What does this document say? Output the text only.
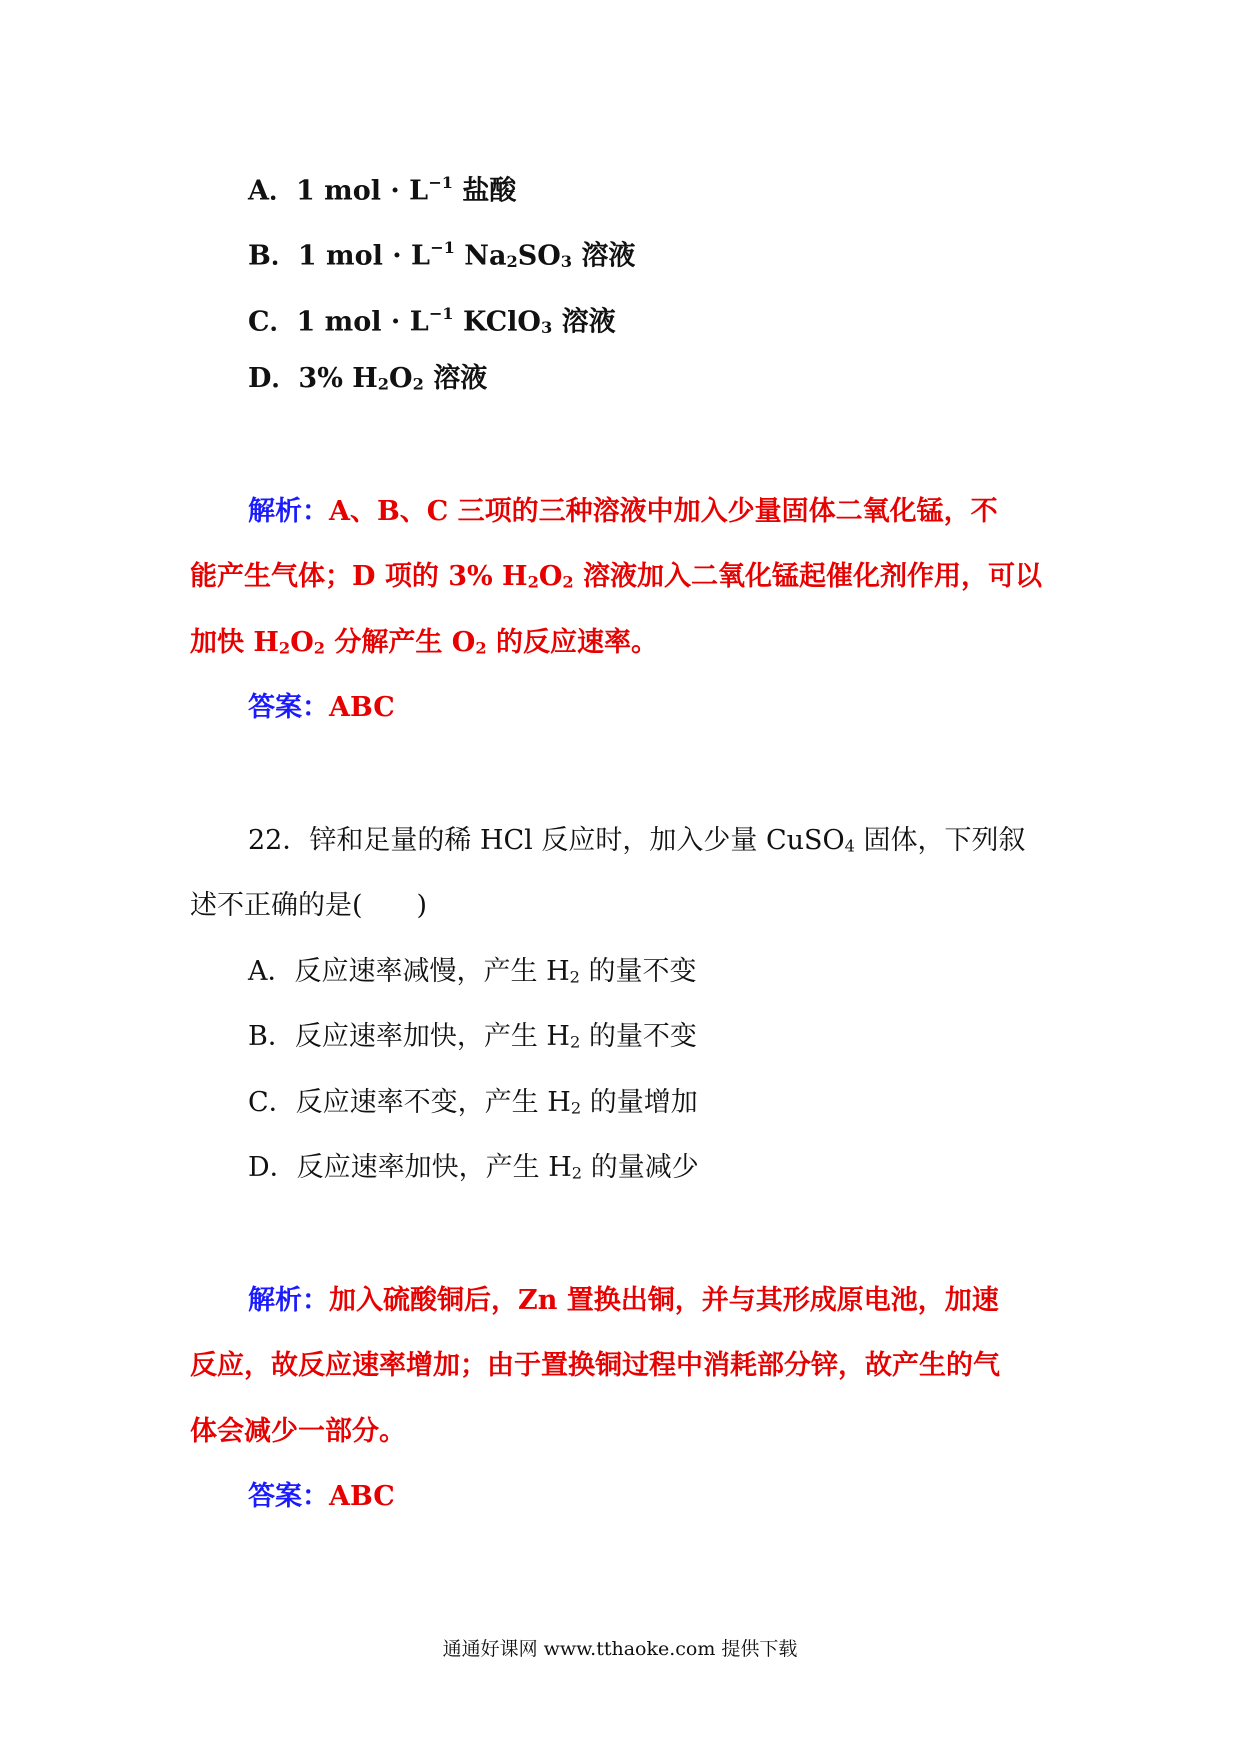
A．1 mol · $L^{-1}$ 盐酸
B．1 mol · $L^{-1}$ $Na_2SO_3$ 溶液
C．1 mol · $L^{-1}$ KClO$_3$ 溶液
D．3% $H_2O_2$ 溶液
解析：A、B、C 三项的三种溶液中加入少量固体二氧化锰，不
能产生气体；D 项的 3% $H_2O_2$ 溶液加入二氧化锰起催化剂作用，可以
加快 $H_2O_2$ 分解产生 $O_2$ 的反应速率。
答案：ABC
22．锌和足量的稀 HCl 反应时，加入少量 CuSO$_4$ 固体，下列叙
述不正确的是(　　)
A．反应速率减慢，产生 $H_2$ 的量不变
B．反应速率加快，产生 $H_2$ 的量不变
C．反应速率不变，产生 $H_2$ 的量增加
D．反应速率加快，产生 $H_2$ 的量减少
解析：加入硫酸铜后，Zn 置换出铜，并与其形成原电池，加速
反应，故反应速率增加；由于置换铜过程中消耗部分锌，故产生的气
体会减少一部分。
答案：ABC
通通好课网 www.tthaoke.com 提供下载
